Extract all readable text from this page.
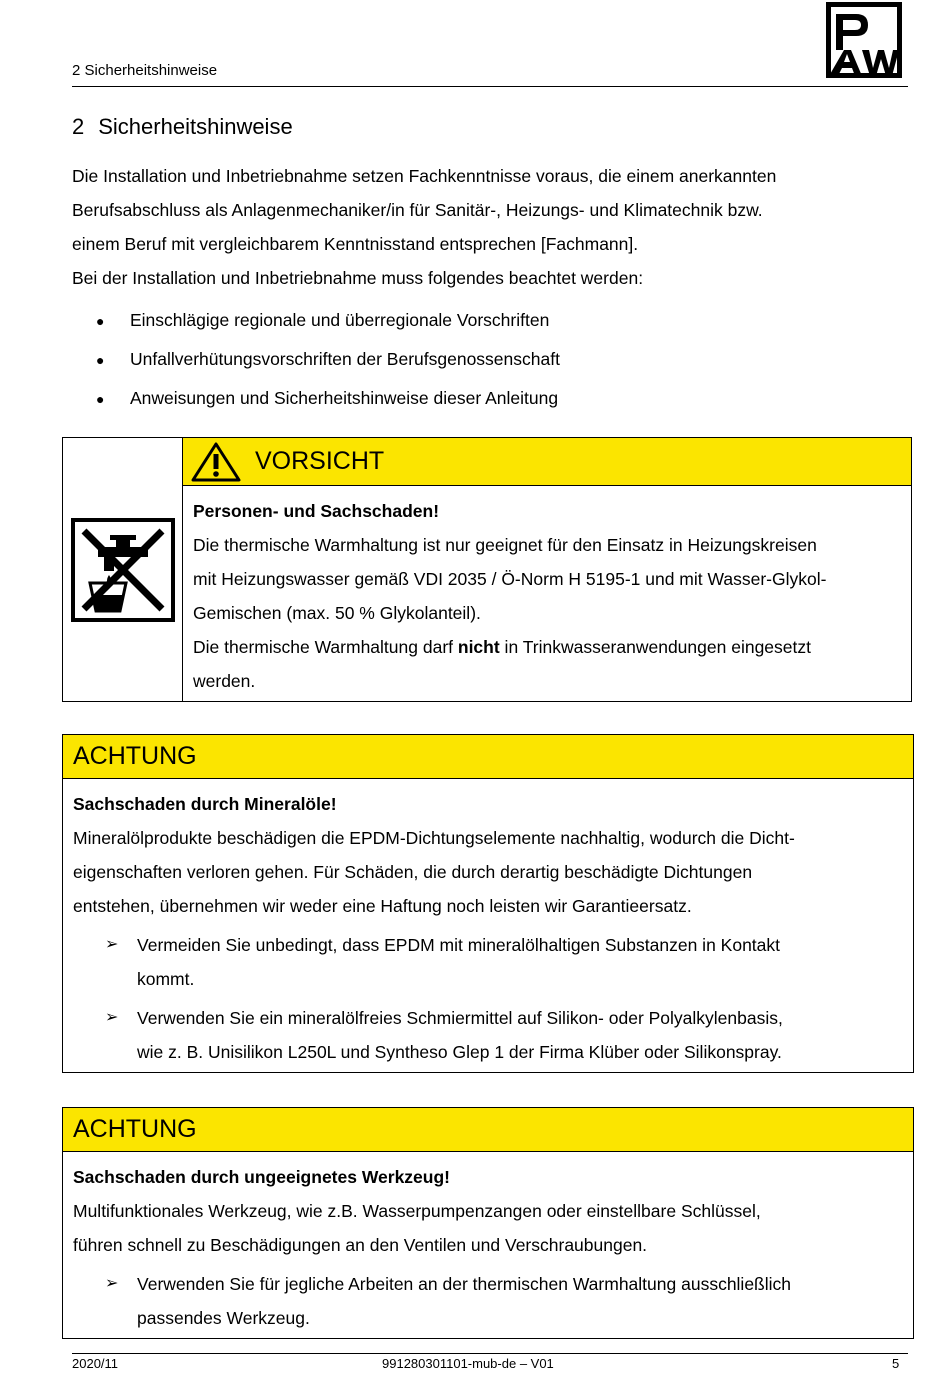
2 Sicherheitshinweise
2 Sicherheitshinweise
Die Installation und Inbetriebnahme setzen Fachkenntnisse voraus, die einem anerkannten
Berufsabschluss als Anlagenmechaniker/in für Sanitär-, Heizungs- und Klimatechnik bzw.
einem Beruf mit vergleichbarem Kenntnisstand entsprechen [Fachmann].
Bei der Installation und Inbetriebnahme muss folgendes beachtet werden:
●	Einschlägige regionale und überregionale Vorschriften
●	Unfallverhütungsvorschriften der Berufsgenossenschaft
●	Anweisungen und Sicherheitshinweise dieser Anleitung
VORSICHT
Personen- und Sachschaden!
Die thermische Warmhaltung ist nur geeignet für den Einsatz in Heizungskreisen
mit Heizungswasser gemäß VDI 2035 / Ö-Norm H 5195-1 und mit Wasser-Glykol-
Gemischen (max. 50 % Glykolanteil).
Die thermische Warmhaltung darf nicht in Trinkwasseranwendungen eingesetzt
werden.
ACHTUNG
Sachschaden durch Mineralöle!
Mineralölprodukte beschädigen die EPDM-Dichtungselemente nachhaltig, wodurch die Dicht-
eigenschaften verloren gehen. Für Schäden, die durch derartig beschädigte Dichtungen
entstehen, übernehmen wir weder eine Haftung noch leisten wir Garantieersatz.
➢	Vermeiden Sie unbedingt, dass EPDM mit mineralölhaltigen Substanzen in Kontakt
kommt.
➢	Verwenden Sie ein mineralölfreies Schmiermittel auf Silikon- oder Polyalkylenbasis,
wie z. B. Unisilikon L250L und Syntheso Glep 1 der Firma Klüber oder Silikonspray.
ACHTUNG
Sachschaden durch ungeeignetes Werkzeug!
Multifunktionales Werkzeug, wie z.B. Wasserpumpenzangen oder einstellbare Schlüssel,
führen schnell zu Beschädigungen an den Ventilen und Verschraubungen.
➢	Verwenden Sie für jegliche Arbeiten an der thermischen Warmhaltung ausschließlich
passendes Werkzeug.
2020/11	991280301101-mub-de – V01	5
